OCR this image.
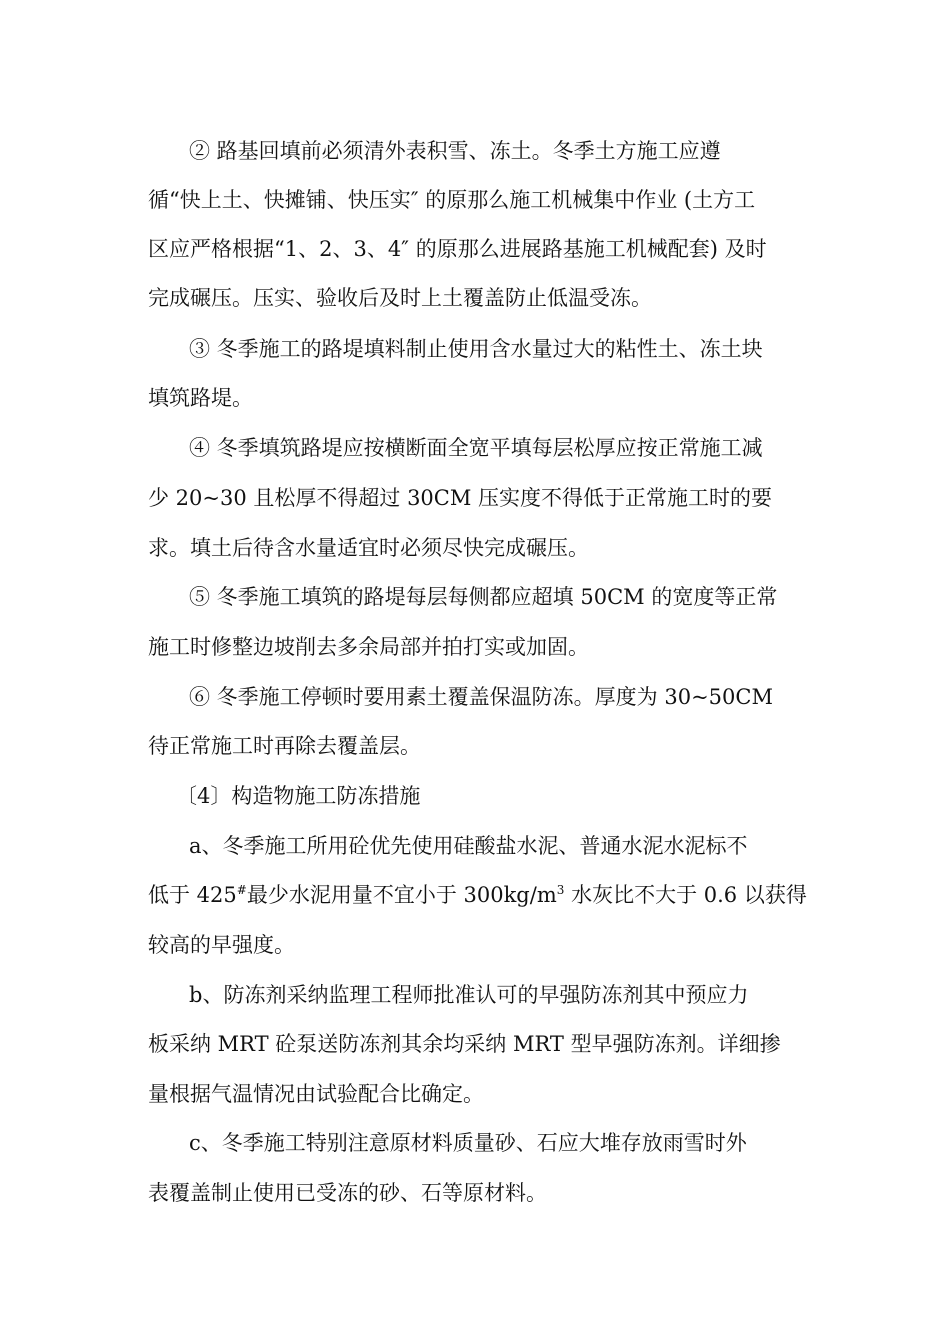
② 路基回填前必须清外表积雪、冻土。冬季土方施工应遵
循“快上土、快摊铺、快压实″ 的原那么施工机械集中作业 (土方工
区应严格根据“1、2、3、4″ 的原那么进展路基施工机械配套) 及时
完成碾压。压实、验收后及时上土覆盖防止低温受冻。
③ 冬季施工的路堤填料制止使用含水量过大的粘性土、冻土块
填筑路堤。
④ 冬季填筑路堤应按横断面全宽平填每层松厚应按正常施工减
少 20~30 且松厚不得超过 30CM 压实度不得低于正常施工时的要
求。填土后待含水量适宜时必须尽快完成碾压。
⑤ 冬季施工填筑的路堤每层每侧都应超填 50CM 的宽度等正常
施工时修整边坡削去多余局部并拍打实或加固。
⑥ 冬季施工停顿时要用素土覆盖保温防冻。厚度为 30~50CM
待正常施工时再除去覆盖层。
〔4〕构造物施工防冻措施
a、冬季施工所用砼优先使用硅酸盐水泥、普通水泥水泥标不
低于 425#最少水泥用量不宜小于 $300kg/m^3$ 水灰比不大于 0.6 以获得
较高的早强度。
b、防冻剂采纳监理工程师批准认可的早强防冻剂其中预应力
板采纳 MRT 砼泵送防冻剂其余均采纳 MRT 型早强防冻剂。详细掺
量根据气温情况由试验配合比确定。
c、冬季施工特别注意原材料质量砂、石应大堆存放雨雪时外
表覆盖制止使用已受冻的砂、石等原材料。
